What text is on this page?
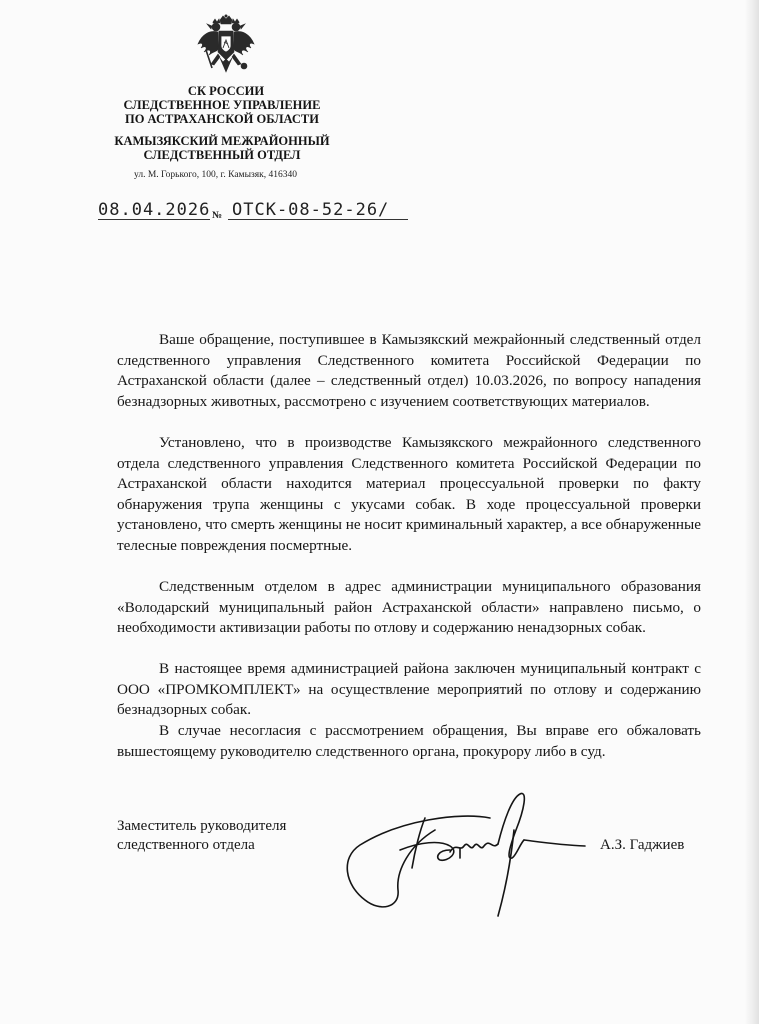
СК РОССИИ
СЛЕДСТВЕННОЕ УПРАВЛЕНИЕ
ПО АСТРАХАНСКОЙ ОБЛАСТИ
КАМЫЗЯКСКИЙ МЕЖРАЙОННЫЙ
СЛЕДСТВЕННЫЙ ОТДЕЛ
ул. М. Горького, 100, г. Камызяк, 416340
08.04.2026 № ОТСК-08-52-26/
Ваше обращение, поступившее в Камызякский межрайонный следственный отдел следственного управления Следственного комитета Российской Федерации по Астраханской области (далее – следственный отдел) 10.03.2026, по вопросу нападения безнадзорных животных, рассмотрено с изучением соответствующих материалов.
Установлено, что в производстве Камызякского межрайонного следственного отдела следственного управления Следственного комитета Российской Федерации по Астраханской области находится материал процессуальной проверки по факту обнаружения трупа женщины с укусами собак. В ходе процессуальной проверки установлено, что смерть женщины не носит криминальный характер, а все обнаруженные телесные повреждения посмертные.
Следственным отделом в адрес администрации муниципального образования «Володарский муниципальный район Астраханской области» направлено письмо, о необходимости активизации работы по отлову и содержанию ненадзорных собак.
В настоящее время администрацией района заключен муниципальный контракт с ООО «ПРОМКОМПЛЕКТ» на осуществление мероприятий по отлову и содержанию безнадзорных собак.
В случае несогласия с рассмотрением обращения, Вы вправе его обжаловать вышестоящему руководителю следственного органа, прокурору либо в суд.
Заместитель руководителя
следственного отдела	А.З. Гаджиев
